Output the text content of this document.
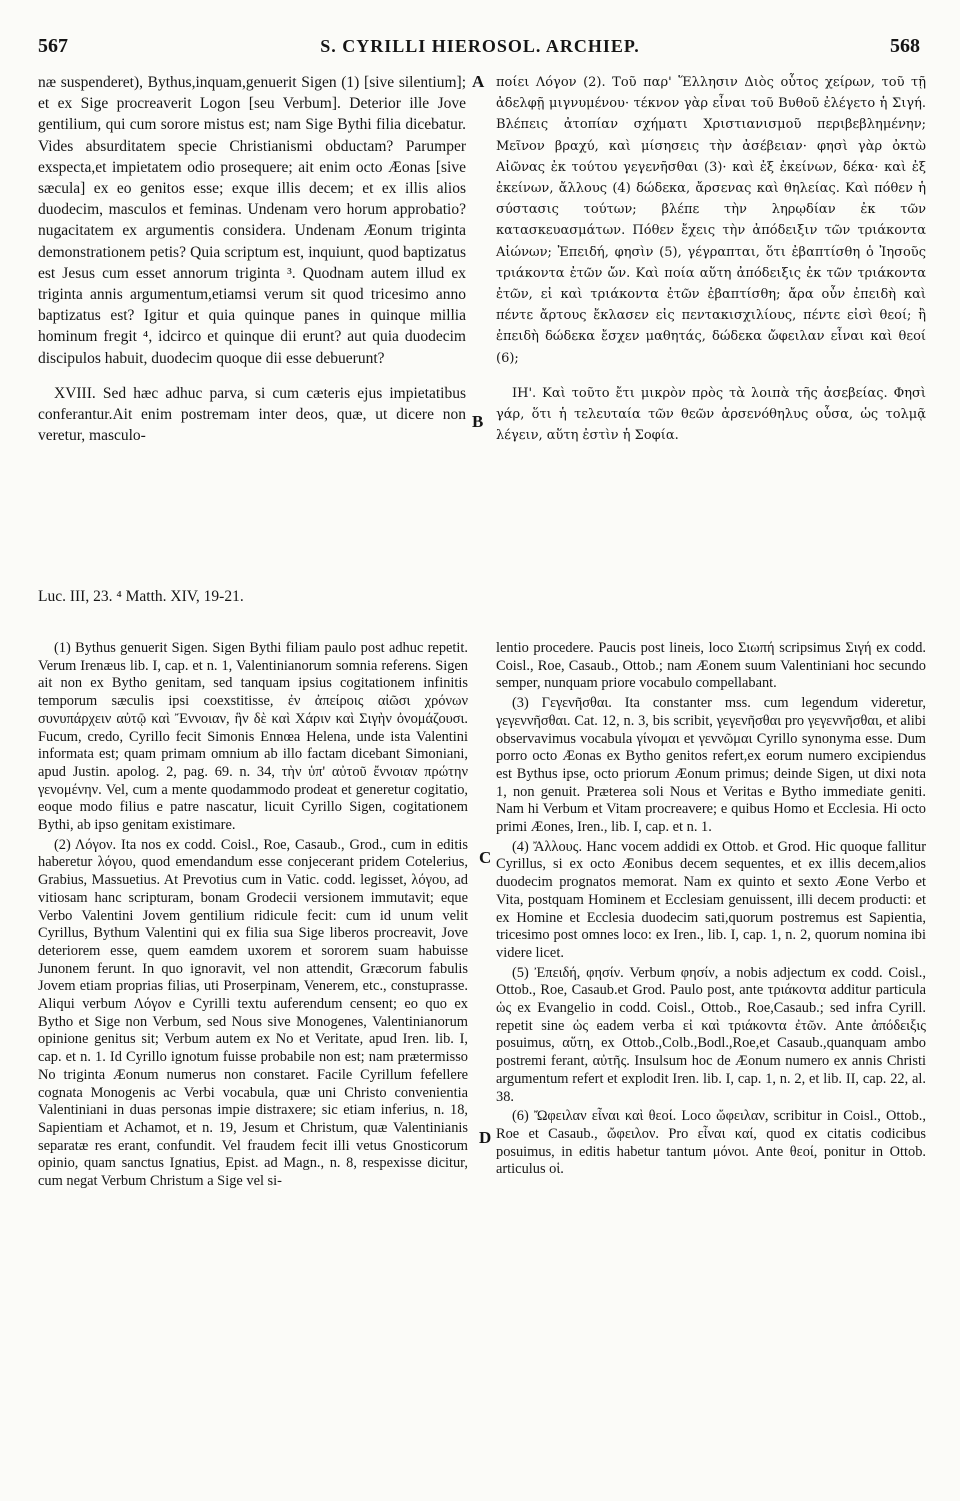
567	S. CYRILLI HIEROSOL. ARCHIEP.	568

næ suspenderet), Bythus,inquam,genuerit Sigen (1) [sive silentium]; et ex Sige procreaverit Logon [seu Verbum]. Deterior ille Jove gentilium, qui cum sorore mistus est; nam Sige Bythi filia dicebatur. Vides absurditatem specie Christianismi obductam? Parumper exspecta,et impietatem odio prosequere; ait enim octo Æonas [sive sæcula] ex eo genitos esse; exque illis decem; et ex illis alios duodecim, masculos et feminas. Undenam vero horum approbatio? nugacitatem ex argumentis considera. Undenam Æonum triginta demonstrationem petis? Quia scriptum est, inquiunt, quod baptizatus est Jesus cum esset annorum triginta ³. Quodnam autem illud ex triginta annis argumentum,etiamsi verum sit quod tricesimo anno baptizatus est? Igitur et quia quinque panes in quinque millia hominum fregit ⁴, idcirco et quinque dii erunt? aut quia duodecim discipulos habuit, duodecim quoque dii esse debuerunt?

XVIII. Sed hæc adhuc parva, si cum cæteris ejus impietatibus conferantur.Ait enim postremam inter deos, quæ, ut dicere non veretur, masculo-

A
B

ποίει Λόγον (2). Τοῦ παρ' Ἕλλησιν Διὸς οὗτος χείρων, τοῦ τῇ ἀδελφῇ μιγνυμένου· τέκνον γὰρ εἶναι τοῦ Βυθοῦ ἐλέγετο ἡ Σιγή. Βλέπεις ἀτοπίαν σχήματι Χριστιανισμοῦ περιβεβλημένην; Μεῖνον βραχύ, καὶ μίσησεις τὴν ἀσέβειαν· φησὶ γὰρ ὀκτὼ Αἰῶνας ἐκ τούτου γεγενῆσθαι (3)· καὶ ἐξ ἐκείνων, δέκα· καὶ ἐξ ἐκείνων, ἄλλους (4) δώδεκα, ἄρσενας καὶ θηλείας. Καὶ πόθεν ἡ σύστασις τούτων; βλέπε τὴν ληρῳδίαν ἐκ τῶν κατασκευασμάτων. Πόθεν ἔχεις τὴν ἀπόδειξιν τῶν τριάκοντα Αἰώνων; Ἐπειδή, φησὶν (5), γέγραπται, ὅτι ἐβαπτίσθη ὁ Ἰησοῦς τριάκοντα ἐτῶν ὤν. Καὶ ποία αὕτη ἀπόδειξις ἐκ τῶν τριάκοντα ἐτῶν, εἰ καὶ τριάκοντα ἐτῶν ἐβαπτίσθη; ἄρα οὖν ἐπειδὴ καὶ πέντε ἄρτους ἔκλασεν εἰς πεντακισχιλίους, πέντε εἰσὶ θεοί; ἢ ἐπειδὴ δώδεκα ἔσχεν μαθητάς, δώδεκα ὤφειλαν εἶναι καὶ θεοί (6);

ΙΗ'. Καὶ τοῦτο ἔτι μικρὸν πρὸς τὰ λοιπὰ τῆς ἀσεβείας. Φησὶ γάρ, ὅτι ἡ τελευταία τῶν θεῶν ἀρσενόθηλυς οὖσα, ὡς τολμᾷ λέγειν, αὕτη ἐστὶν ἡ Σοφία.

Luc. III, 23. ⁴ Matth. XIV, 19-21.

(1) Bythus genuerit Sigen. Sigen Bythi filiam paulo post adhuc repetit. Verum Irenæus lib. I, cap. et n. 1, Valentinianorum somnia referens. Sigen ait non ex Bytho genitam, sed tanquam ipsius cogitationem infinitis temporum sæculis ipsi coexstitisse, ἐν ἀπείροις αἰῶσι χρόνων συνυπάρχειν αὐτῷ καὶ Ἔννοιαν, ἣν δὲ καὶ Χάριν καὶ Σιγὴν ὀνομάζουσι. Fucum, credo, Cyrillo fecit Simonis Ennœa Helena, unde ista Valentini informata est; quam primam omnium ab illo factam dicebant Simoniani, apud Justin. apolog. 2, pag. 69. n. 34, τὴν ὑπ' αὐτοῦ ἔννοιαν πρώτην γενομένην. Vel, cum a mente quodammodo prodeat et generetur cogitatio, eoque modo filius e patre nascatur, licuit Cyrillo Sigen, cogitationem Bythi, ab ipso genitam existimare.

(2) Λόγον. Ita nos ex codd. Coisl., Roe, Casaub., Grod., cum in editis haberetur λόγου, quod emendandum esse conjecerant pridem Cotelerius, Grabius, Massuetius. At Prevotius cum in Vatic. codd. legisset, λόγου, ad vitiosam hanc scripturam, bonam Grodecii versionem immutavit; eque Verbo Valentini Jovem gentilium ridicule fecit: cum id unum velit Cyrillus, Bythum Valentini qui ex filia sua Sige liberos procreavit, Jove deteriorem esse, quem eamdem uxorem et sororem suam habuisse Junonem ferunt. In quo ignoravit, vel non attendit, Græcorum fabulis Jovem etiam proprias filias, uti Proserpinam, Venerem, etc., constuprasse. Aliqui verbum Λόγον e Cyrilli textu auferendum censent; eo quo ex Bytho et Sige non Verbum, sed Nous sive Monogenes, Valentinianorum opinione genitus sit; Verbum autem ex No et Veritate, apud Iren. lib. I, cap. et n. 1. Id Cyrillo ignotum fuisse probabile non est; nam prætermisso No triginta Æonum numerus non constaret. Facile Cyrillum fefellere cognata Monogenis ac Verbi vocabula, quæ uni Christo convenientia Valentiniani in duas personas impie distraxere; sic etiam inferius, n. 18, Sapientiam et Achamot, et n. 19, Jesum et Christum, quæ Valentinianis separatæ res erant, confundit. Vel fraudem fecit illi vetus Gnosticorum opinio, quam sanctus Ignatius, Epist. ad Magn., n. 8, respexisse dicitur, cum negat Verbum Christum a Sige vel si-

C
D

lentio procedere. Paucis post lineis, loco Σιωπή scripsimus Σιγή ex codd. Coisl., Roe, Casaub., Ottob.; nam Æonem suum Valentiniani hoc secundo semper, nunquam priore vocabulo compellabant.

(3) Γεγενῆσθαι. Ita constanter mss. cum legendum videretur, γεγεννῆσθαι. Cat. 12, n. 3, bis scribit, γεγενῆσθαι pro γεγεννῆσθαι, et alibi observavimus vocabula γίνομαι et γεννῶμαι Cyrillo synonyma esse. Dum porro octo Æonas ex Bytho genitos refert,ex eorum numero excipiendus est Bythus ipse, octo priorum Æonum primus; deinde Sigen, ut dixi nota 1, non genuit. Præterea soli Nous et Veritas e Bytho immediate geniti. Nam hi Verbum et Vitam procreavere; e quibus Homo et Ecclesia. Hi octo primi Æones, Iren., lib. I, cap. et n. 1.

(4) Ἄλλους. Hanc vocem addidi ex Ottob. et Grod. Hic quoque fallitur Cyrillus, si ex octo Æonibus decem sequentes, et ex illis decem,alios duodecim prognatos memorat. Nam ex quinto et sexto Æone Verbo et Vita, postquam Hominem et Ecclesiam genuissent, illi decem producti: et ex Homine et Ecclesia duodecim sati,quorum postremus est Sapientia, tricesimo post omnes loco: ex Iren., lib. I, cap. 1, n. 2, quorum nomina ibi videre licet.

(5) Ἐπειδή, φησίν. Verbum φησίν, a nobis adjectum ex codd. Coisl., Ottob., Roe, Casaub.et Grod. Paulo post, ante τριάκοντα additur particula ὡς ex Evangelio in codd. Coisl., Ottob., Roe,Casaub.; sed infra Cyrill. repetit sine ὡς eadem verba εἰ καὶ τριάκοντα ἐτῶν. Ante ἀπόδειξις posuimus, αὕτη, ex Ottob.,Colb.,Bodl.,Roe,et Casaub.,quanquam ambo postremi ferant, αὐτῆς. Insulsum hoc de Æonum numero ex annis Christi argumentum refert et explodit Iren. lib. I, cap. 1, n. 2, et lib. II, cap. 22, al. 38.

(6) Ὤφειλαν εἶναι καὶ θεοί. Loco ὤφειλαν, scribitur in Coisl., Ottob., Roe et Casaub., ὤφειλον. Pro εἶναι καί, quod ex citatis codicibus posuimus, in editis habetur tantum μόνοι. Ante θεοί, ponitur in Ottob. articulus οἱ.
